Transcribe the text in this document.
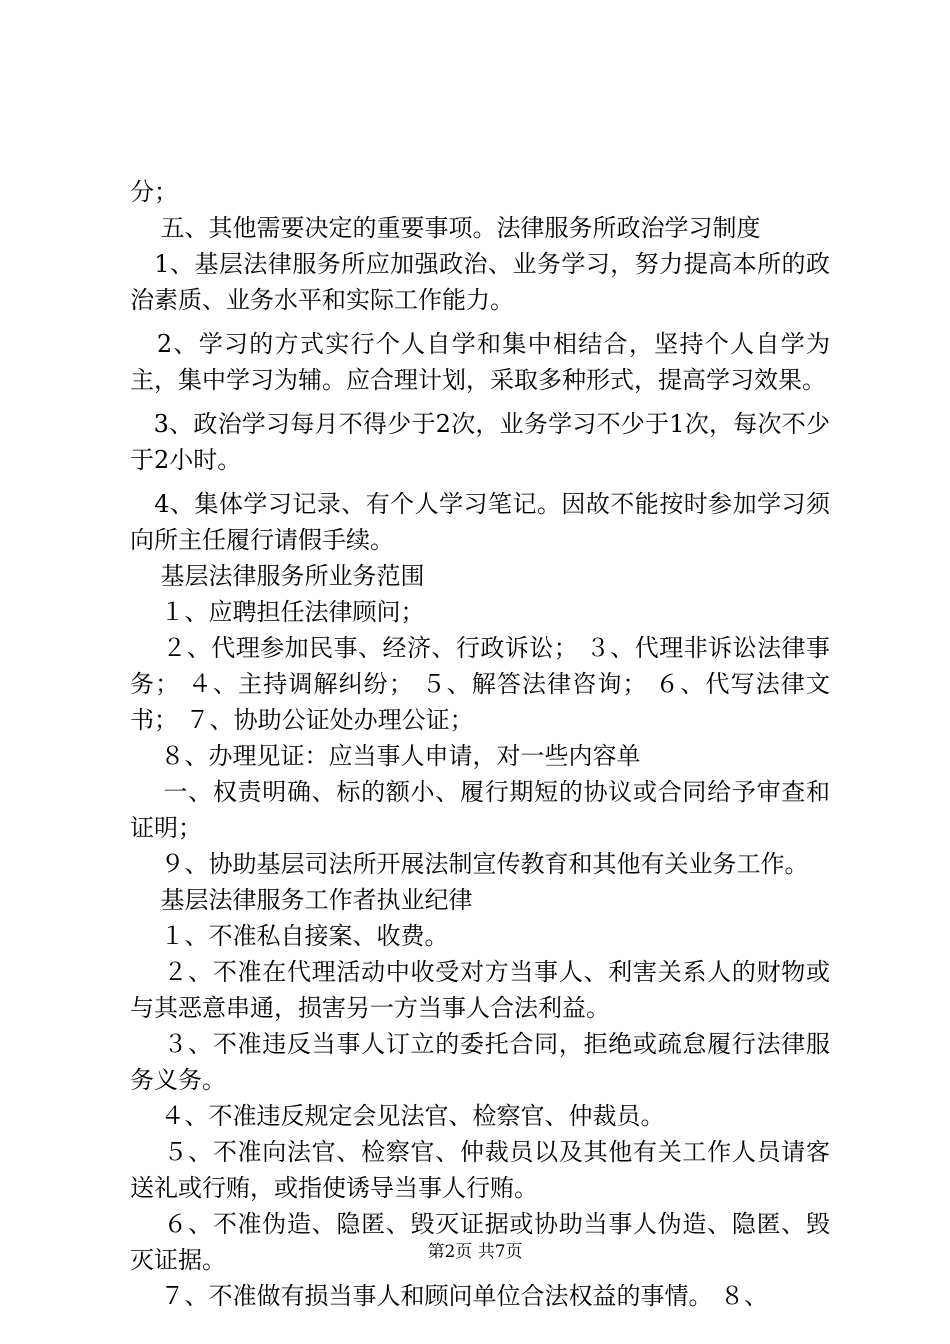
分；

五、其他需要决定的重要事项。法律服务所政治学习制度

1、基层法律服务所应加强政治、业务学习，努力提高本所的政治素质、业务水平和实际工作能力。

2、学习的方式实行个人自学和集中相结合，坚持个人自学为主，集中学习为辅。应合理计划，采取多种形式，提高学习效果。

3、政治学习每月不得少于2次，业务学习不少于1次，每次不少于2小时。

4、集体学习记录、有个人学习笔记。因故不能按时参加学习须向所主任履行请假手续。

基层法律服务所业务范围

１、应聘担任法律顾问；

２、代理参加民事、经济、行政诉讼； ３、代理非诉讼法律事务； ４、主持调解纠纷； ５、解答法律咨询； ６、代写法律文书； ７、协助公证处办理公证；

８、办理见证：应当事人申请，对一些内容单

一、权责明确、标的额小、履行期短的协议或合同给予审查和证明；

９、协助基层司法所开展法制宣传教育和其他有关业务工作。

基层法律服务工作者执业纪律

１、不准私自接案、收费。

２、不准在代理活动中收受对方当事人、利害关系人的财物或与其恶意串通，损害另一方当事人合法利益。

３、不准违反当事人订立的委托合同，拒绝或疏怠履行法律服务义务。

４、不准违反规定会见法官、检察官、仲裁员。

５、不准向法官、检察官、仲裁员以及其他有关工作人员请客送礼或行贿，或指使诱导当事人行贿。

６、不准伪造、隐匿、毁灭证据或协助当事人伪造、隐匿、毁灭证据。

７、不准做有损当事人和顾问单位合法权益的事情。 ８、

第2页 共7页
